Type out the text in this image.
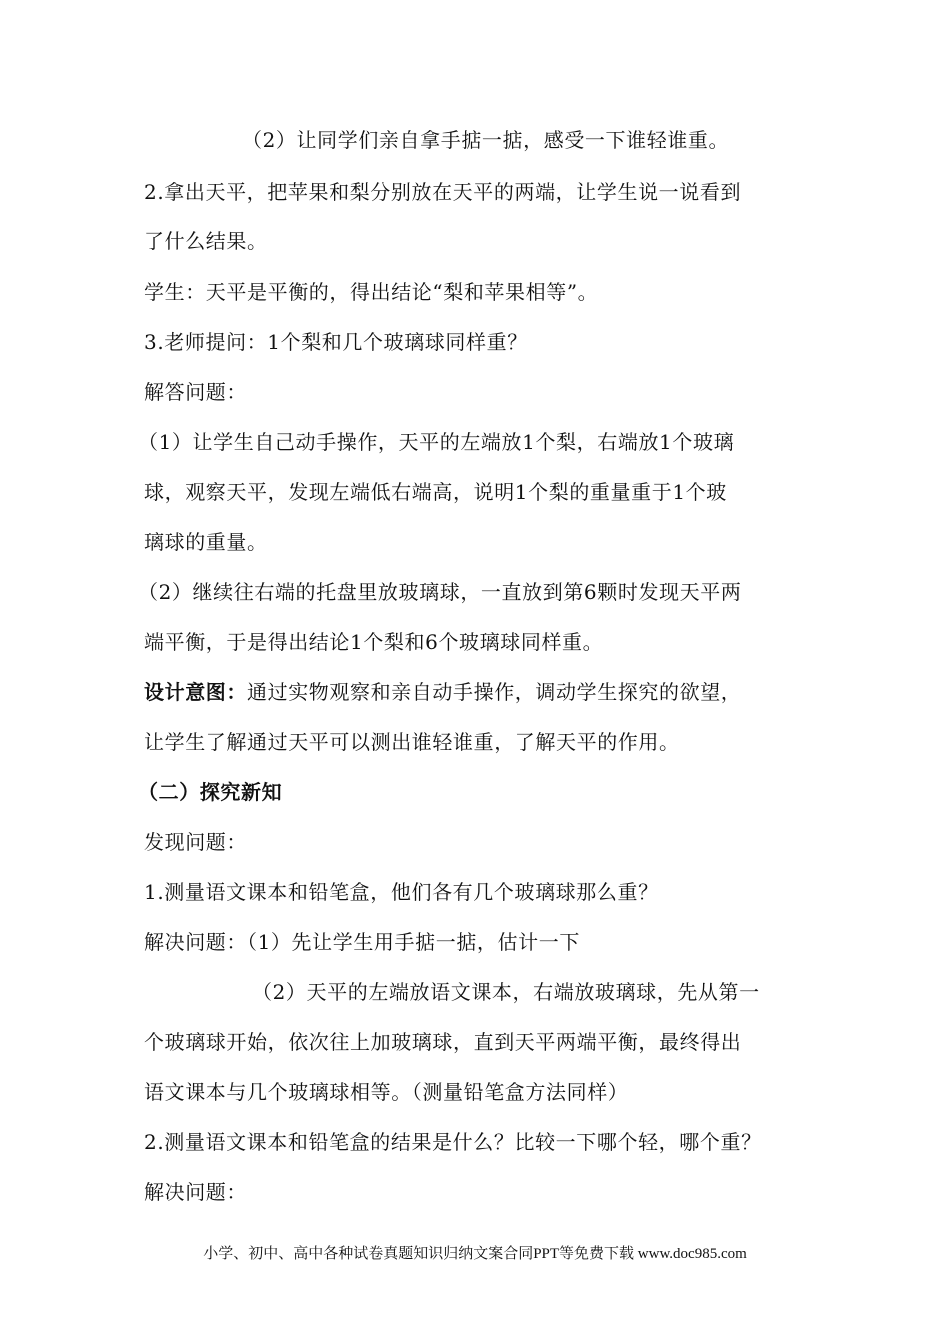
（2）让同学们亲自拿手掂一掂，感受一下谁轻谁重。
2.拿出天平，把苹果和梨分别放在天平的两端，让学生说一说看到
了什么结果。
学生：天平是平衡的，得出结论“梨和苹果相等”。
3.老师提问：1个梨和几个玻璃球同样重？
解答问题：
（1）让学生自己动手操作，天平的左端放1个梨，右端放1个玻璃
球，观察天平，发现左端低右端高，说明1个梨的重量重于1个玻
璃球的重量。
（2）继续往右端的托盘里放玻璃球，一直放到第6颗时发现天平两
端平衡，于是得出结论1个梨和6个玻璃球同样重。
设计意图：通过实物观察和亲自动手操作，调动学生探究的欲望，
让学生了解通过天平可以测出谁轻谁重，了解天平的作用。
（二）探究新知
发现问题：
1.测量语文课本和铅笔盒，他们各有几个玻璃球那么重？
解决问题：（1）先让学生用手掂一掂，估计一下
（2）天平的左端放语文课本，右端放玻璃球，先从第一
个玻璃球开始，依次往上加玻璃球，直到天平两端平衡，最终得出
语文课本与几个玻璃球相等。（测量铅笔盒方法同样）
2.测量语文课本和铅笔盒的结果是什么？比较一下哪个轻，哪个重？
解决问题：
小学、初中、高中各种试卷真题知识归纳文案合同PPT等免费下载 www.doc985.com
